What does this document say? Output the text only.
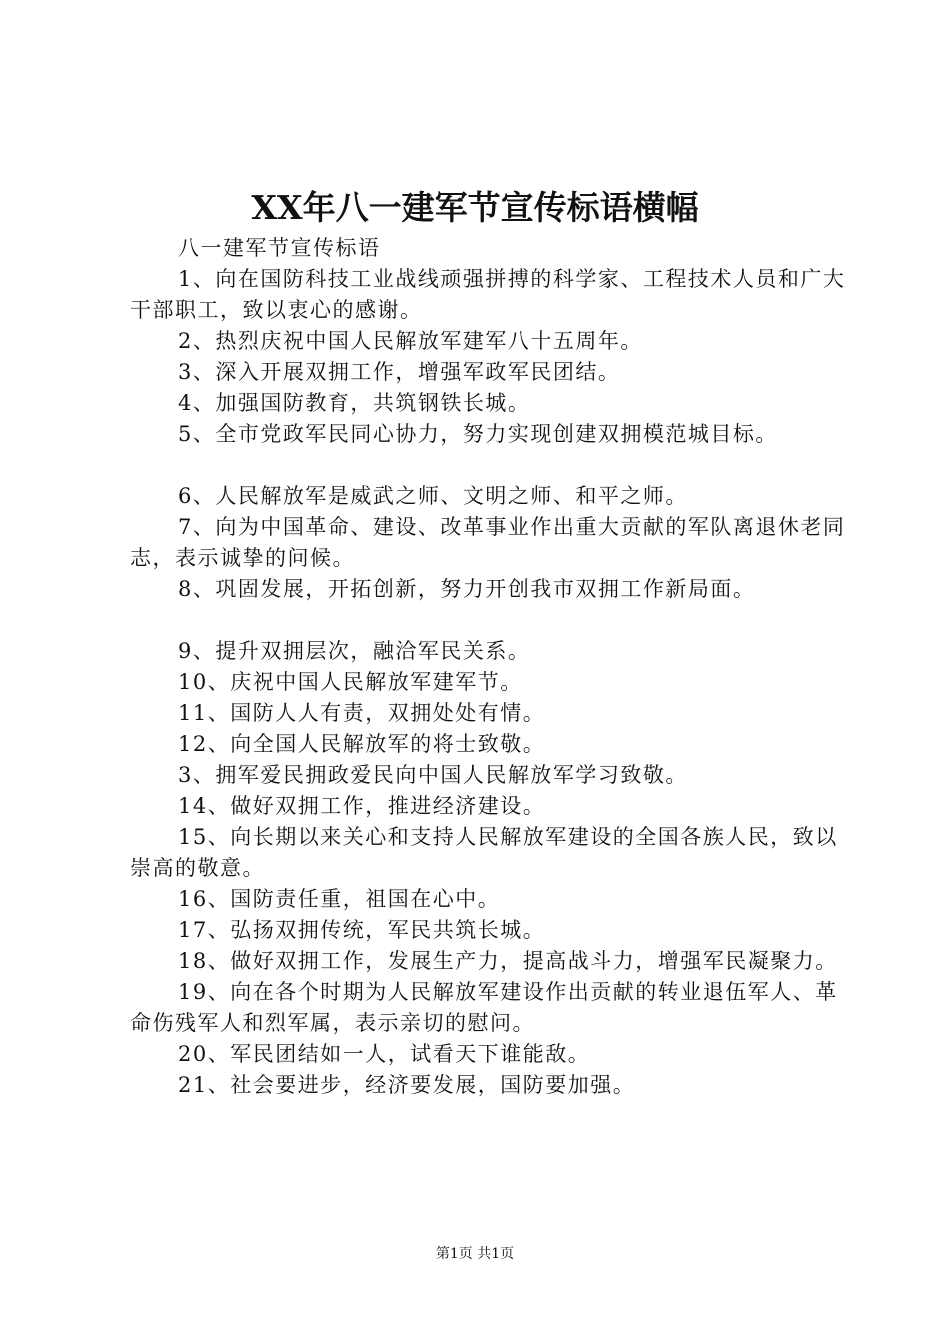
XX年八一建军节宣传标语横幅

八一建军节宣传标语

1、向在国防科技工业战线顽强拼搏的科学家、工程技术人员和广大干部职工，致以衷心的感谢。

2、热烈庆祝中国人民解放军建军八十五周年。

3、深入开展双拥工作，增强军政军民团结。

4、加强国防教育，共筑钢铁长城。

5、全市党政军民同心协力，努力实现创建双拥模范城目标。

6、人民解放军是威武之师、文明之师、和平之师。

7、向为中国革命、建设、改革事业作出重大贡献的军队离退休老同志，表示诚挚的问候。

8、巩固发展，开拓创新，努力开创我市双拥工作新局面。

9、提升双拥层次，融洽军民关系。

10、庆祝中国人民解放军建军节。

11、国防人人有责，双拥处处有情。

12、向全国人民解放军的将士致敬。

3、拥军爱民拥政爱民向中国人民解放军学习致敬。

14、做好双拥工作，推进经济建设。

15、向长期以来关心和支持人民解放军建设的全国各族人民，致以崇高的敬意。

16、国防责任重，祖国在心中。

17、弘扬双拥传统，军民共筑长城。

18、做好双拥工作，发展生产力，提高战斗力，增强军民凝聚力。

19、向在各个时期为人民解放军建设作出贡献的转业退伍军人、革命伤残军人和烈军属，表示亲切的慰问。

20、军民团结如一人，试看天下谁能敌。

21、社会要进步，经济要发展，国防要加强。

第1页 共1页
